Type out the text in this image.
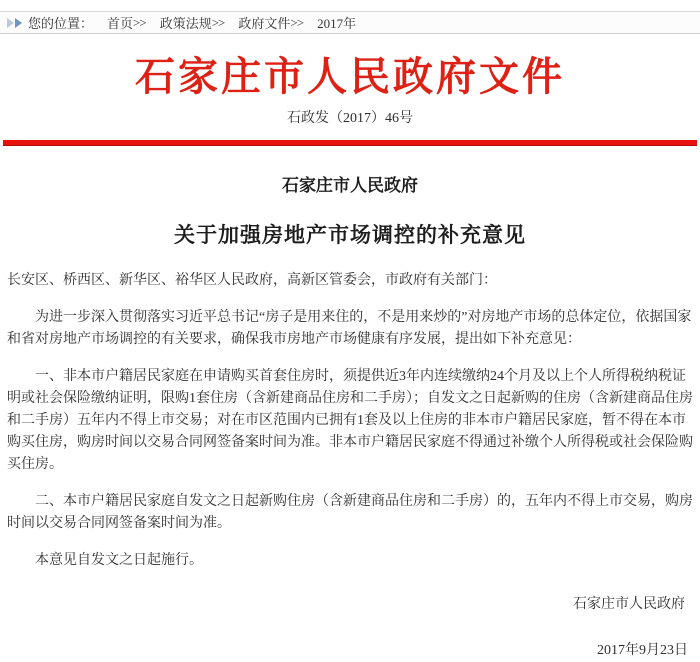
您的位置： 首页 >> 政策法规 >> 政府文件 >> 2017年
石家庄市人民政府文件
石政发（2017）46号
石家庄市人民政府
关于加强房地产市场调控的补充意见

长安区、桥西区、新华区、裕华区人民政府，高新区管委会，市政府有关部门：

为进一步深入贯彻落实习近平总书记“房子是用来住的，不是用来炒的”对房地产市场的总体定位，依据国家和省对房地产市场调控的有关要求，确保我市房地产市场健康有序发展，提出如下补充意见：

一、非本市户籍居民家庭在申请购买首套住房时，须提供近3年内连续缴纳24个月及以上个人所得税纳税证明或社会保险缴纳证明，限购1套住房（含新建商品住房和二手房）；自发文之日起新购的住房（含新建商品住房和二手房）五年内不得上市交易；对在市区范围内已拥有1套及以上住房的非本市户籍居民家庭，暂不得在本市购买住房，购房时间以交易合同网签备案时间为准。非本市户籍居民家庭不得通过补缴个人所得税或社会保险购买住房。

二、本市户籍居民家庭自发文之日起新购住房（含新建商品住房和二手房）的，五年内不得上市交易，购房时间以交易合同网签备案时间为准。

本意见自发文之日起施行。

石家庄市人民政府

2017年9月23日
